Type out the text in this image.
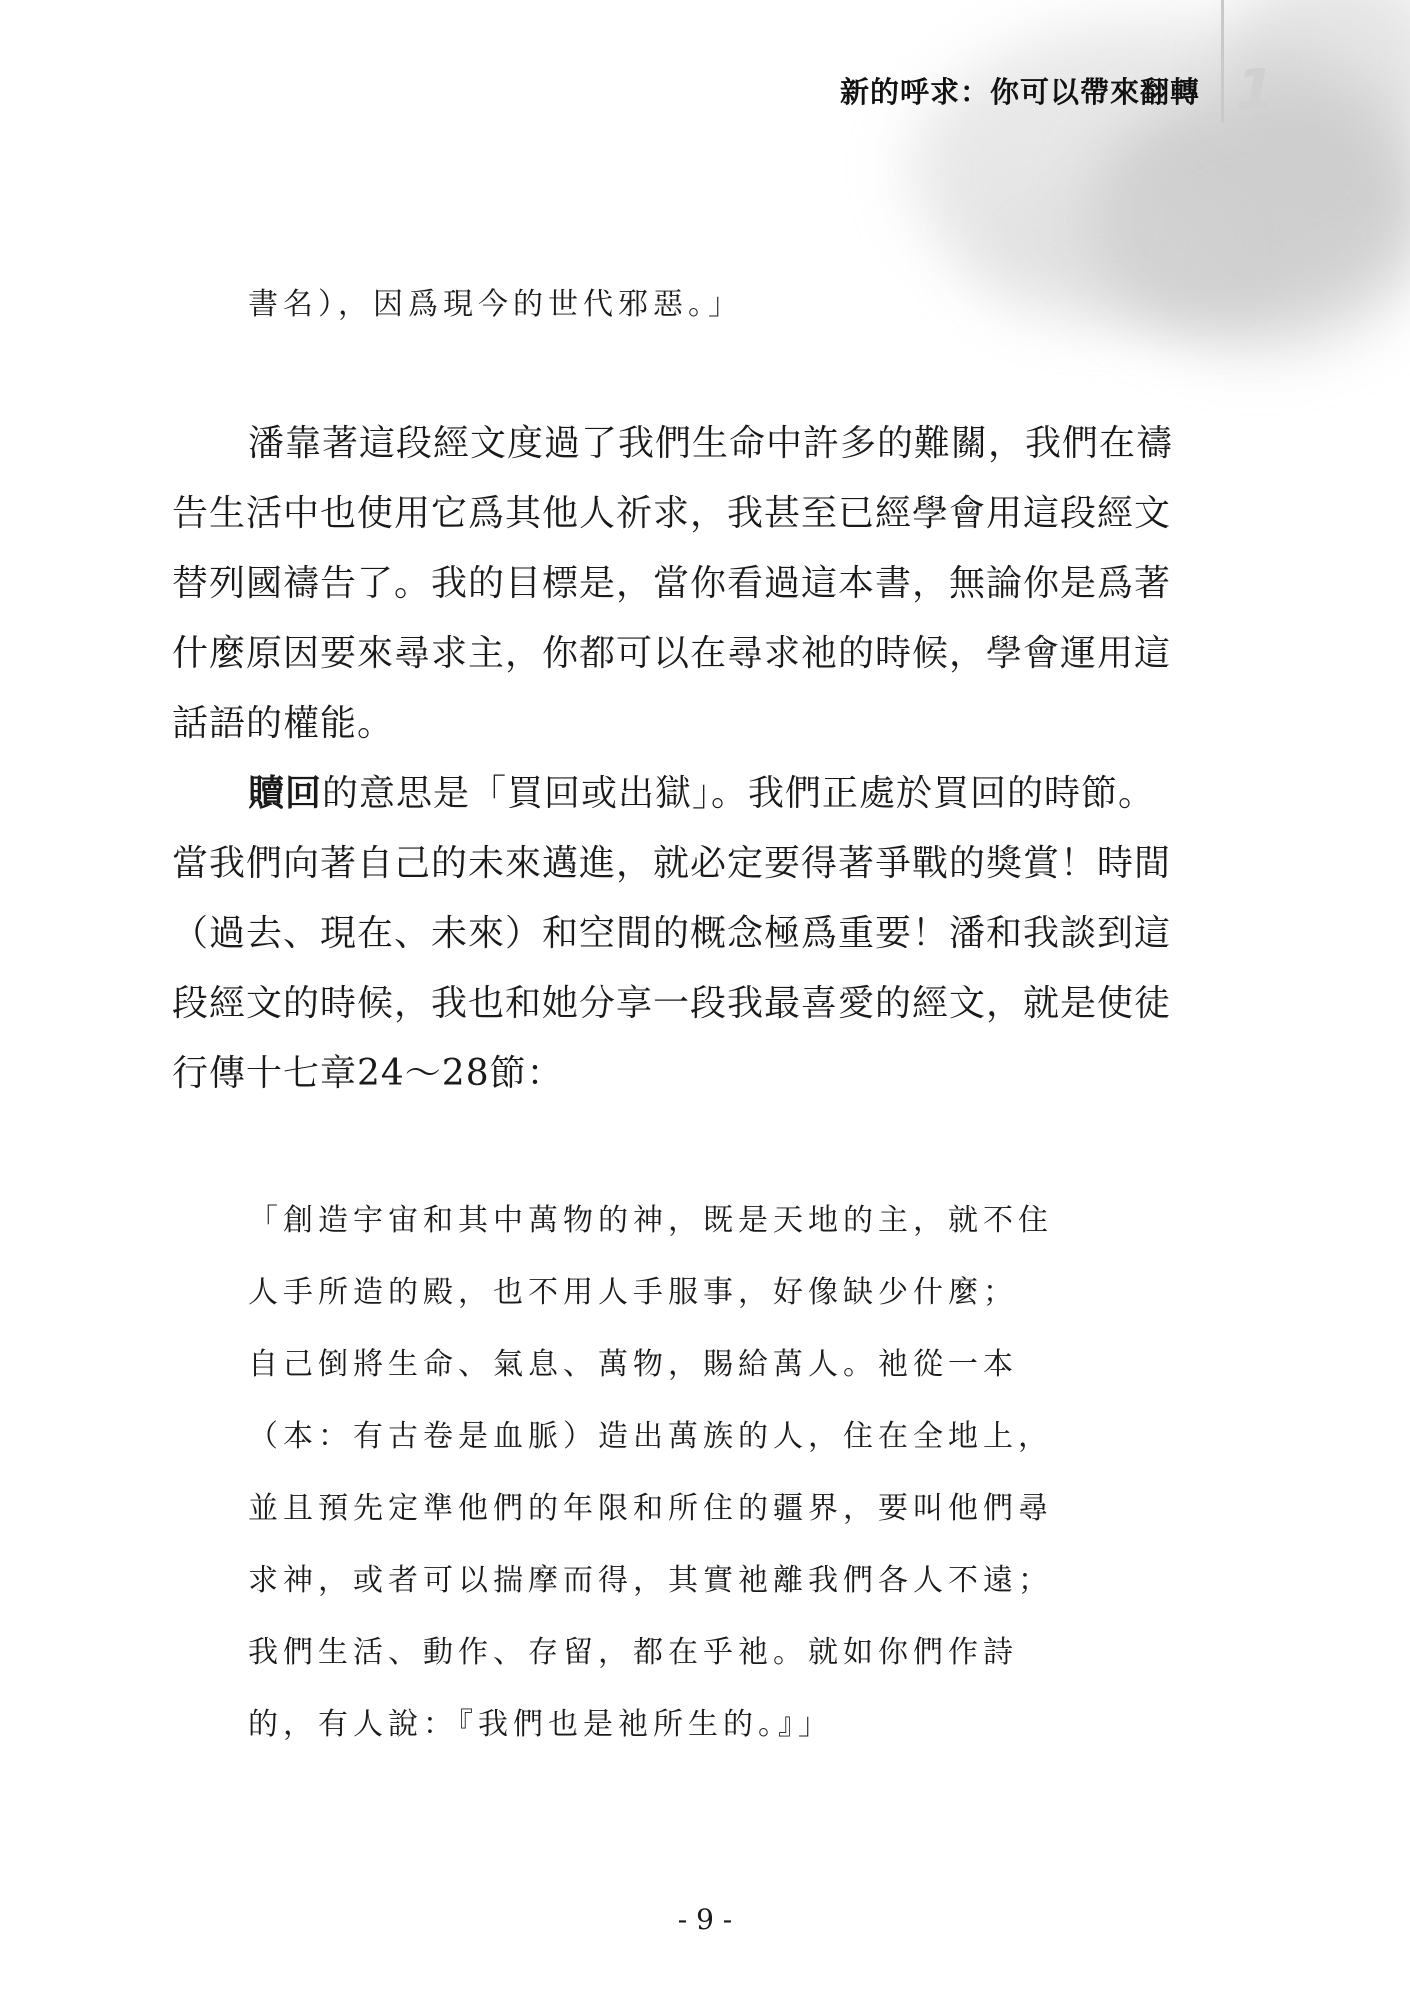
新的呼求：你可以帶來翻轉 1
書名），因爲現今的世代邪惡。」
潘靠著這段經文度過了我們生命中許多的難關，我們在禱
告生活中也使用它爲其他人祈求，我甚至已經學會用這段經文
替列國禱告了。我的目標是，當你看過這本書，無論你是爲著
什麼原因要來尋求主，你都可以在尋求祂的時候，學會運用這
話語的權能。
贖回的意思是「買回或出獄」。我們正處於買回的時節。
當我們向著自己的未來邁進，就必定要得著爭戰的獎賞！時間
（過去、現在、未來）和空間的概念極爲重要！潘和我談到這
段經文的時候，我也和她分享一段我最喜愛的經文，就是使徒
行傳十七章24～28節：
「創造宇宙和其中萬物的神，既是天地的主，就不住
人手所造的殿，也不用人手服事，好像缺少什麼；
自己倒將生命、氣息、萬物，賜給萬人。祂從一本
（本：有古卷是血脈）造出萬族的人，住在全地上，
並且預先定準他們的年限和所住的疆界，要叫他們尋
求神，或者可以揣摩而得，其實祂離我們各人不遠；
我們生活、動作、存留，都在乎祂。就如你們作詩
的，有人說：『我們也是祂所生的。』」
- 9 -
